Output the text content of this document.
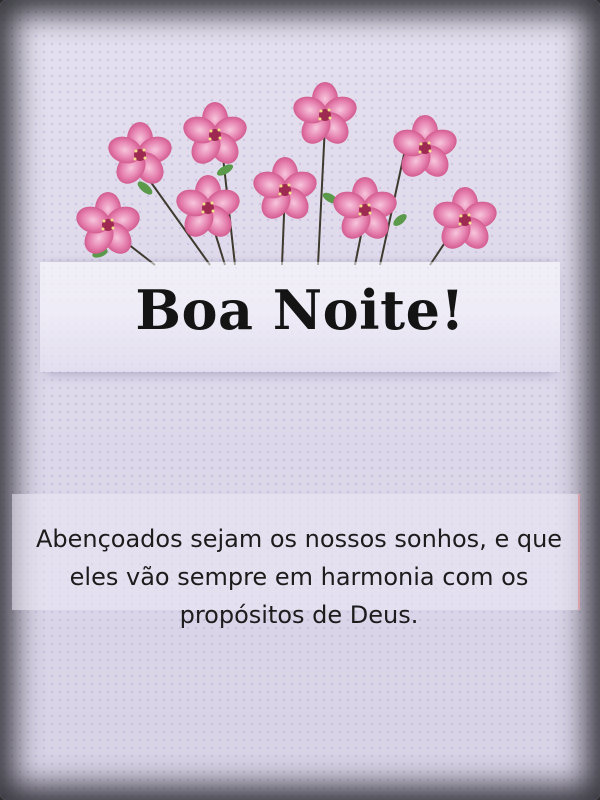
Boa Noite!
Abençoados sejam os nossos sonhos, e que eles vão sempre em harmonia com os propósitos de Deus.
